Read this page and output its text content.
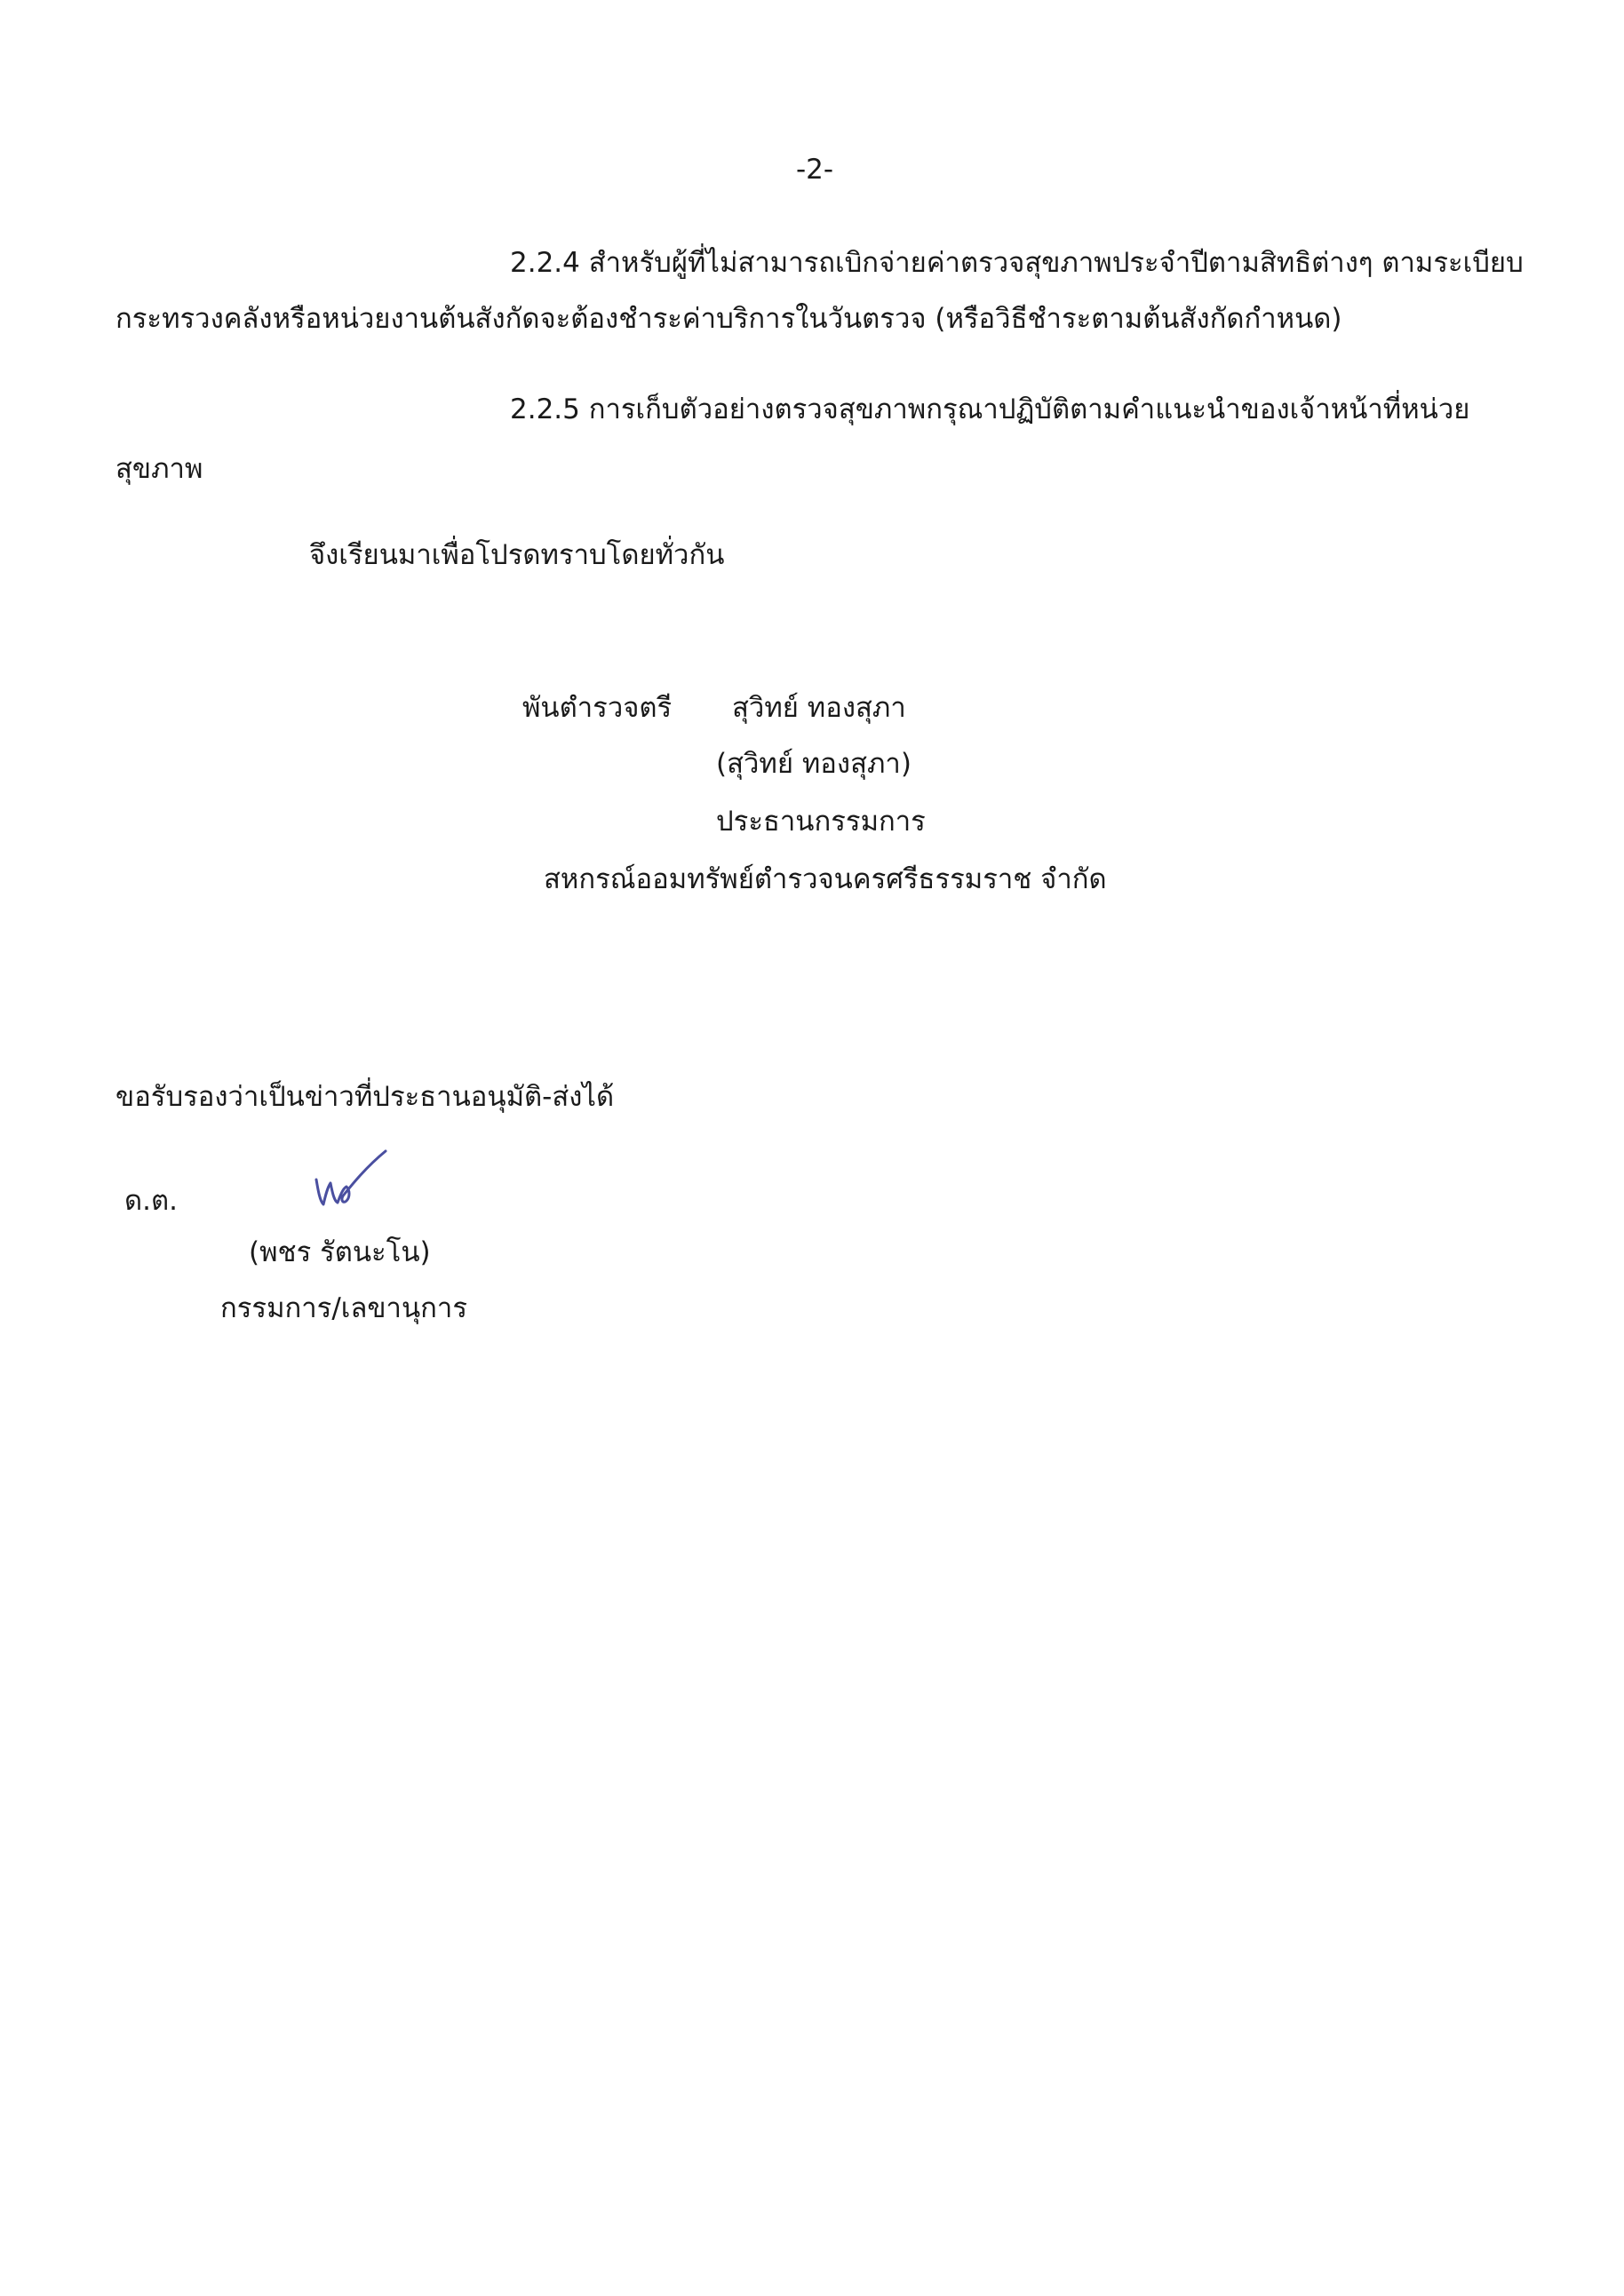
-2-
2.2.4 สำหรับผู้ที่ไม่สามารถเบิกจ่ายค่าตรวจสุขภาพประจำปีตามสิทธิต่างๆ ตามระเบียบ
กระทรวงคลังหรือหน่วยงานต้นสังกัดจะต้องชำระค่าบริการในวันตรวจ (หรือวิธีชำระตามต้นสังกัดกำหนด)
2.2.5 การเก็บตัวอย่างตรวจสุขภาพกรุณาปฏิบัติตามคำแนะนำของเจ้าหน้าที่หน่วย
สุขภาพ
จึงเรียนมาเพื่อโปรดทราบโดยทั่วกัน
พันตำรวจตรี สุวิทย์ ทองสุภา
(สุวิทย์ ทองสุภา)
ประธานกรรมการ
สหกรณ์ออมทรัพย์ตำรวจนครศรีธรรมราช จำกัด
ขอรับรองว่าเป็นข่าวที่ประธานอนุมัติ-ส่งได้
ด.ต.
(พชร รัตนะโน)
กรรมการ/เลขานุการ
